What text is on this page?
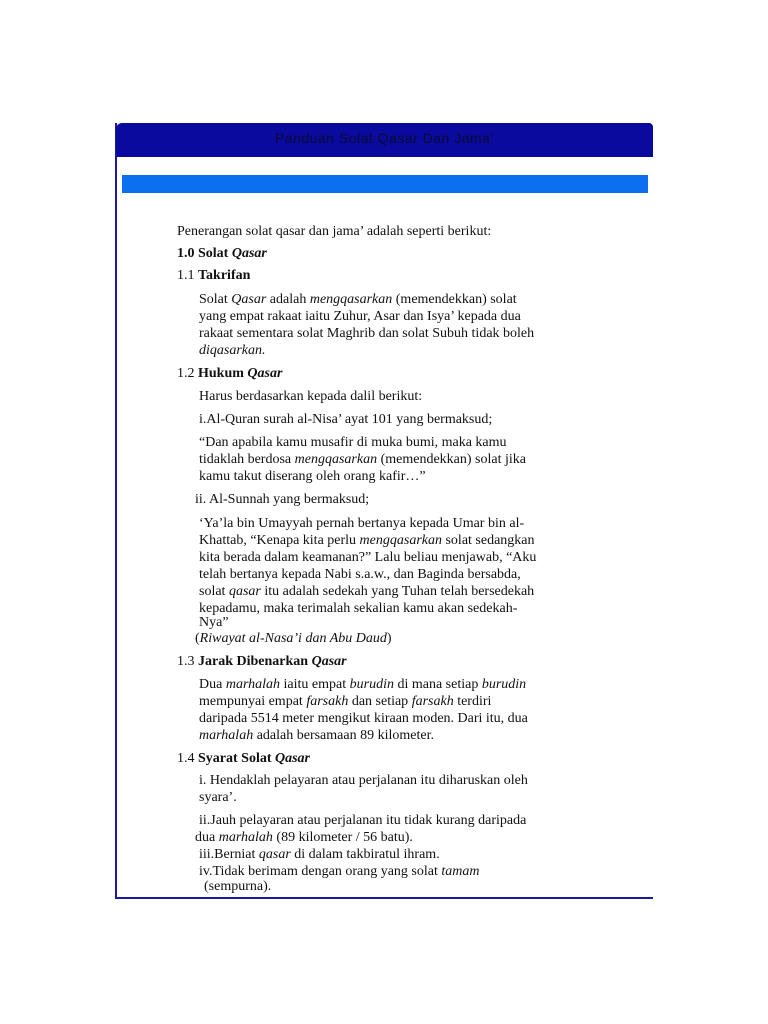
Panduan Solat Qasar Dan Jama’
Penerangan solat qasar dan jama’ adalah seperti berikut:
1.0 Solat Qasar
1.1 Takrifan
Solat Qasar adalah mengqasarkan (memendekkan) solat
yang empat rakaat iaitu Zuhur, Asar dan Isya’ kepada dua
rakaat sementara solat Maghrib dan solat Subuh tidak boleh
diqasarkan.
1.2 Hukum Qasar
Harus berdasarkan kepada dalil berikut:
i.Al-Quran surah al-Nisa’ ayat 101 yang bermaksud;
“Dan apabila kamu musafir di muka bumi, maka kamu
tidaklah berdosa mengqasarkan (memendekkan) solat jika
kamu takut diserang oleh orang kafir…”
ii. Al-Sunnah yang bermaksud;
‘Ya’la bin Umayyah pernah bertanya kepada Umar bin al-
Khattab, “Kenapa kita perlu mengqasarkan solat sedangkan
kita berada dalam keamanan?” Lalu beliau menjawab, “Aku
telah bertanya kepada Nabi s.a.w., dan Baginda bersabda,
solat qasar itu adalah sedekah yang Tuhan telah bersedekah
kepadamu, maka terimalah sekalian kamu akan sedekah-
Nya”
(Riwayat al-Nasa’i dan Abu Daud)
1.3 Jarak Dibenarkan Qasar
Dua marhalah iaitu empat burudin di mana setiap burudin
mempunyai empat farsakh dan setiap farsakh terdiri
daripada 5514 meter mengikut kiraan moden. Dari itu, dua
marhalah adalah bersamaan 89 kilometer.
1.4 Syarat Solat Qasar
i. Hendaklah pelayaran atau perjalanan itu diharuskan oleh
syara’.
ii.Jauh pelayaran atau perjalanan itu tidak kurang daripada
dua marhalah (89 kilometer / 56 batu).
iii.Berniat qasar di dalam takbiratul ihram.
iv.Tidak berimam dengan orang yang solat tamam
(sempurna).
